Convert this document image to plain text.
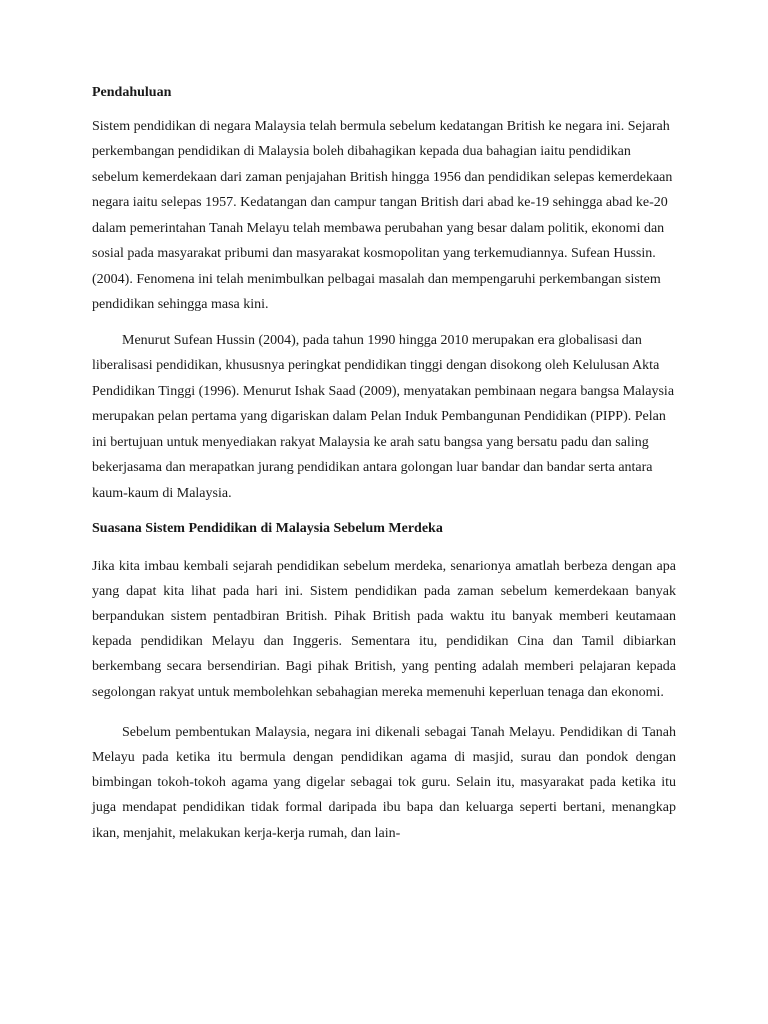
Pendahuluan

Sistem pendidikan di negara Malaysia telah bermula sebelum kedatangan British ke negara ini. Sejarah perkembangan pendidikan di Malaysia boleh dibahagikan kepada dua bahagian iaitu pendidikan sebelum kemerdekaan dari zaman penjajahan British hingga 1956 dan pendidikan selepas kemerdekaan negara iaitu selepas 1957. Kedatangan dan campur tangan British dari abad ke-19 sehingga abad ke-20 dalam pemerintahan Tanah Melayu telah membawa perubahan yang besar dalam politik, ekonomi dan sosial pada masyarakat pribumi dan masyarakat kosmopolitan yang terkemudiannya. Sufean Hussin. (2004). Fenomena ini telah menimbulkan pelbagai masalah dan mempengaruhi perkembangan sistem pendidikan sehingga masa kini.

Menurut Sufean Hussin (2004), pada tahun 1990 hingga 2010 merupakan era globalisasi dan liberalisasi pendidikan, khususnya peringkat pendidikan tinggi dengan disokong oleh Kelulusan Akta Pendidikan Tinggi (1996). Menurut Ishak Saad (2009), menyatakan pembinaan negara bangsa Malaysia merupakan pelan pertama yang digariskan dalam Pelan Induk Pembangunan Pendidikan (PIPP). Pelan ini bertujuan untuk menyediakan rakyat Malaysia ke arah satu bangsa yang bersatu padu dan saling bekerjasama dan merapatkan jurang pendidikan antara golongan luar bandar dan bandar serta antara kaum-kaum di Malaysia.

Suasana Sistem Pendidikan di Malaysia Sebelum Merdeka

Jika kita imbau kembali sejarah pendidikan sebelum merdeka, senarionya amatlah berbeza dengan apa yang dapat kita lihat pada hari ini. Sistem pendidikan pada zaman sebelum kemerdekaan banyak berpandukan sistem pentadbiran British. Pihak British pada waktu itu banyak memberi keutamaan kepada pendidikan Melayu dan Inggeris. Sementara itu, pendidikan Cina dan Tamil dibiarkan berkembang secara bersendirian. Bagi pihak British, yang penting adalah memberi pelajaran kepada segolongan rakyat untuk membolehkan sebahagian mereka memenuhi keperluan tenaga dan ekonomi.

Sebelum pembentukan Malaysia, negara ini dikenali sebagai Tanah Melayu. Pendidikan di Tanah Melayu pada ketika itu bermula dengan pendidikan agama di masjid, surau dan pondok dengan bimbingan tokoh-tokoh agama yang digelar sebagai tok guru. Selain itu, masyarakat pada ketika itu juga mendapat pendidikan tidak formal daripada ibu bapa dan keluarga seperti bertani, menangkap ikan, menjahit, melakukan kerja-kerja rumah, dan lain-
